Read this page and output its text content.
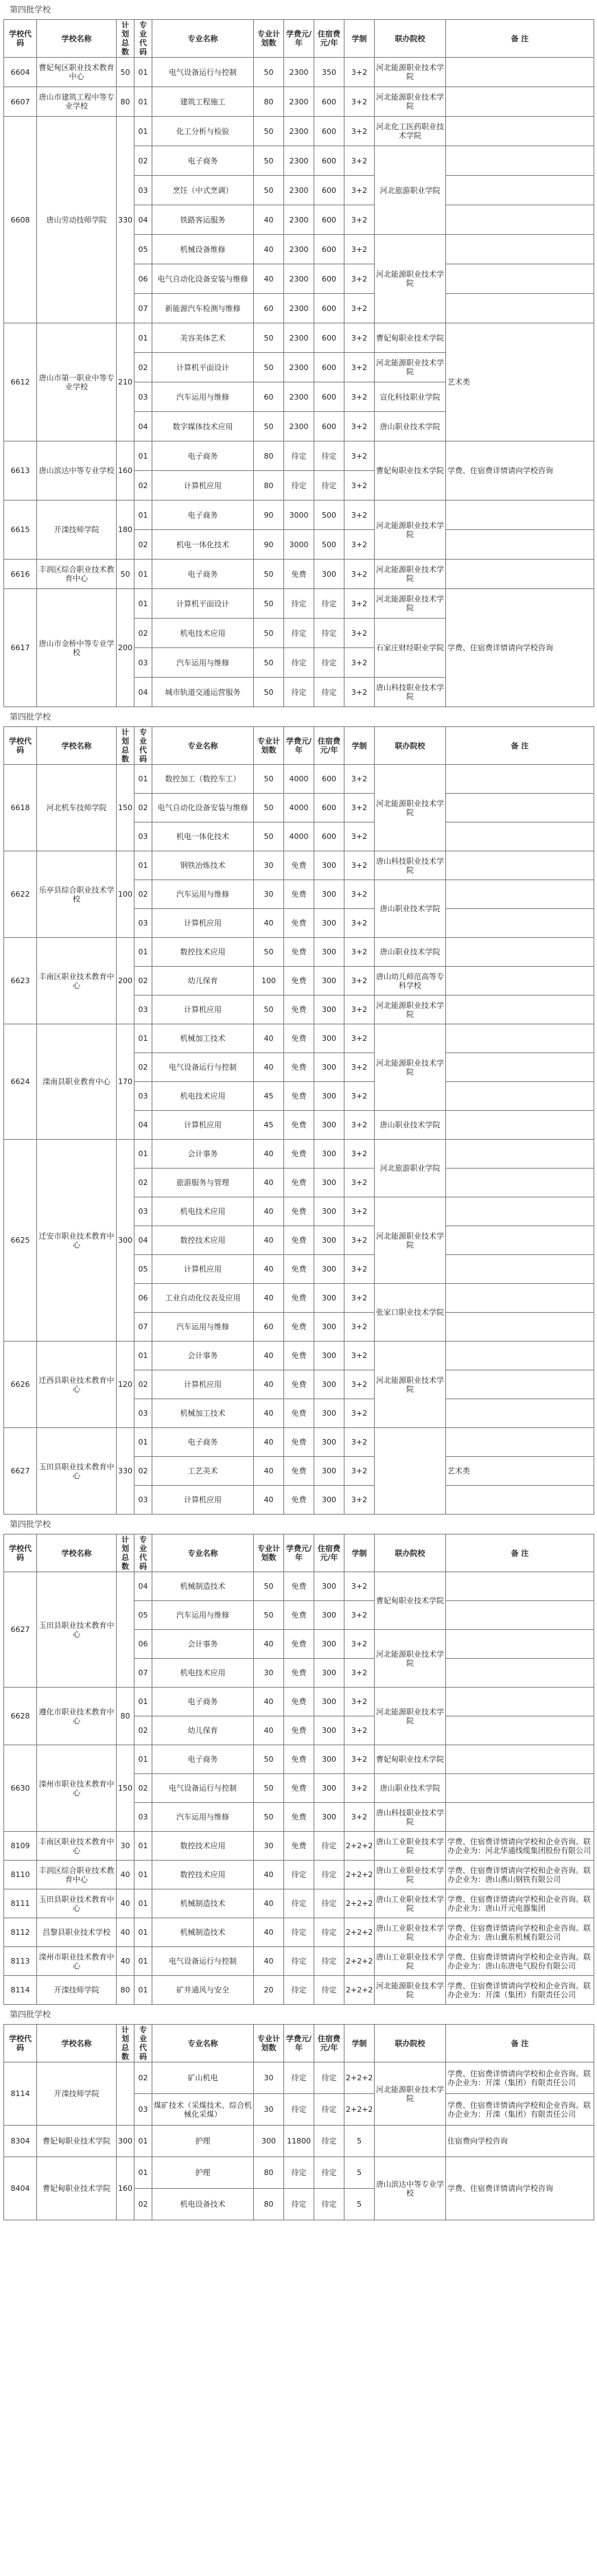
第四批学校
学校代码	学校名称	计划总数	专业代码	专业名称	专业计划数	学费元/年	住宿费元/年	学制	联办院校	备 注
6604	曹妃甸区职业技术教育中心	50	01	电气设备运行与控制	50	2300	350	3+2	河北能源职业技术学院	
6607	唐山市建筑工程中等专业学校	80	01	建筑工程施工	80	2300	600	3+2	河北能源职业技术学院	
6608	唐山劳动技师学院	330	01	化工分析与检验	50	2300	600	3+2	河北化工医药职业技术学院	
			02	电子商务	50	2300	600	3+2	河北旅游职业学院	
			03	烹饪（中式烹调）	50	2300	600	3+2		
			04	铁路客运服务	40	2300	600	3+2		
			05	机械设备维修	40	2300	600	3+2	河北能源职业技术学院	
			06	电气自动化设备安装与维修	40	2300	600	3+2		
			07	新能源汽车检测与维修	60	2300	600	3+2		
6612	唐山市第一职业中等专业学校	210	01	美容美体艺术	50	2300	600	3+2	曹妃甸职业技术学院	艺术类
			02	计算机平面设计	50	2300	600	3+2	河北能源职业技术学院	
			03	汽车运用与维修	60	2300	600	3+2	宣化科技职业学院	
			04	数字媒体技术应用	50	2300	600	3+2	唐山职业技术学院	
6613	唐山滨达中等专业学校	160	01	电子商务	80	待定	待定	3+2	曹妃甸职业技术学院	学费、住宿费详情请向学校咨询
			02	计算机应用	80	待定	待定	3+2		
6615	开滦技师学院	180	01	电子商务	90	3000	500	3+2	河北能源职业技术学院	
			02	机电一体化技术	90	3000	500	3+2		
6616	丰润区综合职业技术教育中心	50	01	电子商务	50	免费	300	3+2	河北能源职业技术学院	
6617	唐山市金桥中等专业学校	200	01	计算机平面设计	50	待定	待定	3+2	河北能源职业技术学院	学费、住宿费详情请向学校咨询
			02	机电技术应用	50	待定	待定	3+2	石家庄财经职业学院	
			03	汽车运用与维修	50	待定	待定	3+2		
			04	城市轨道交通运营服务	50	待定	待定	3+2	唐山科技职业技术学院	
第四批学校
学校代码	学校名称	计划总数	专业代码	专业名称	专业计划数	学费元/年	住宿费元/年	学制	联办院校	备 注
6618	河北机车技师学院	150	01	数控加工（数控车工）	50	4000	600	3+2	河北能源职业技术学院	
			02	电气自动化设备安装与维修	50	4000	600	3+2		
			03	机电一体化技术	50	4000	600	3+2		
6622	乐亭县综合职业技术学校	100	01	钢铁冶炼技术	30	免费	300	3+2	唐山科技职业技术学院	
			02	汽车运用与维修	30	免费	300	3+2	唐山职业技术学院	
			03	计算机应用	40	免费	300	3+2		
6623	丰南区职业技术教育中心	200	01	数控技术应用	50	免费	300	3+2	唐山职业技术学院	
			02	幼儿保育	100	免费	300	3+2	唐山幼儿师范高等专科学校	
			03	计算机应用	50	免费	300	3+2	河北能源职业技术学院	
6624	滦南县职业教育中心	170	01	机械加工技术	40	免费	300	3+2	河北能源职业技术学院	
			02	电气设备运行与控制	40	免费	300	3+2		
			03	机电技术应用	45	免费	300	3+2		
			04	计算机应用	45	免费	300	3+2	唐山职业技术学院	
6625	迁安市职业技术教育中心	300	01	会计事务	40	免费	300	3+2	河北旅游职业学院	
			02	旅游服务与管理	40	免费	300	3+2		
			03	机电技术应用	40	免费	300	3+2	河北能源职业技术学院	
			04	数控技术应用	40	免费	300	3+2		
			05	计算机应用	40	免费	300	3+2		
			06	工业自动化仪表及应用	40	免费	300	3+2	张家口职业技术学院	
			07	汽车运用与维修	60	免费	300	3+2		
6626	迁西县职业技术教育中心	120	01	会计事务	40	免费	300	3+2	河北能源职业技术学院	
			02	计算机应用	40	免费	300	3+2		
			03	机械加工技术	40	免费	300	3+2		
6627	玉田县职业技术教育中心	330	01	电子商务	40	免费	300	3+2		
			02	工艺美术	40	免费	300	3+2		艺术类
			03	计算机应用	40	免费	300	3+2		
第四批学校
学校代码	学校名称	计划总数	专业代码	专业名称	专业计划数	学费元/年	住宿费元/年	学制	联办院校	备 注
6627	玉田县职业技术教育中心		04	机械制造技术	50	免费	300	3+2	曹妃甸职业技术学院	
			05	汽车运用与维修	50	免费	300	3+2		
			06	会计事务	40	免费	300	3+2	河北能源职业技术学院	
			07	机电技术应用	30	免费	300	3+2		
6628	遵化市职业技术教育中心	80	01	电子商务	40	免费	300	3+2	河北能源职业技术学院	
			02	幼儿保育	40	免费	300	3+2		
6630	滦州市职业技术教育中心	150	01	电子商务	50	免费	300	3+2	曹妃甸职业技术学院	
			02	电气设备运行与控制	50	免费	300	3+2	唐山职业技术学院	
			03	汽车运用与维修	50	免费	300	3+2	唐山科技职业技术学院	
8109	丰南区职业技术教育中心	30	01	数控技术应用	30	免费	待定	2+2+2	唐山工业职业技术学院	学费、住宿费详情请向学校和企业咨询。联办企业为：河北华通线缆集团股份有限公司
8110	丰润区综合职业技术教育中心	40	01	数控技术应用	40	待定	待定	2+2+2	唐山工业职业技术学院	学费、住宿费详情请向学校和企业咨询。联办企业为：唐山燕山钢铁有限公司
8111	玉田县职业技术教育中心	40	01	机械制造技术	40	待定	待定	2+2+2	唐山工业职业技术学院	学费、住宿费详情请向学校和企业咨询。联办企业为：唐山开元电器集团
8112	昌黎县职业技术学校	40	01	机械制造技术	40	待定	待定	2+2+2	唐山工业职业技术学院	学费、住宿费详情请向学校和企业咨询。联办企业为：唐山冀东机械有限公司
8113	滦州市职业技术教育中心	40	01	电气设备运行与控制	40	待定	待定	2+2+2	唐山工业职业技术学院	学费、住宿费详情请向学校和企业咨询。联办企业为：唐山东唐电气股份有限公司
8114	开滦技师学院	80	01	矿井通风与安全	20	待定	待定	2+2+2	河北能源职业技术学院	学费、住宿费详情请向学校和企业咨询。联办企业为：开滦（集团）有限责任公司
第四批学校
学校代码	学校名称	计划总数	专业代码	专业名称	专业计划数	学费元/年	住宿费元/年	学制	联办院校	备 注
8114	开滦技师学院		02	矿山机电	30	待定	待定	2+2+2	河北能源职业技术学院	学费、住宿费详情请向学校和企业咨询。联办企业为：开滦（集团）有限责任公司
			03	煤矿技术（采煤技术、综合机械化采煤）	30	待定	待定	2+2+2		学费、住宿费详情请向学校和企业咨询。联办企业为：开滦（集团）有限责任公司
8304	曹妃甸职业技术学院	300	01	护理	300	11800	待定	5		住宿费向学校咨询
8404	曹妃甸职业技术学院	160	01	护理	80	待定	待定	5	唐山滨达中等专业学校	学费、住宿费详情请向学校咨询
			02	机电设备技术	80	待定	待定	5		
